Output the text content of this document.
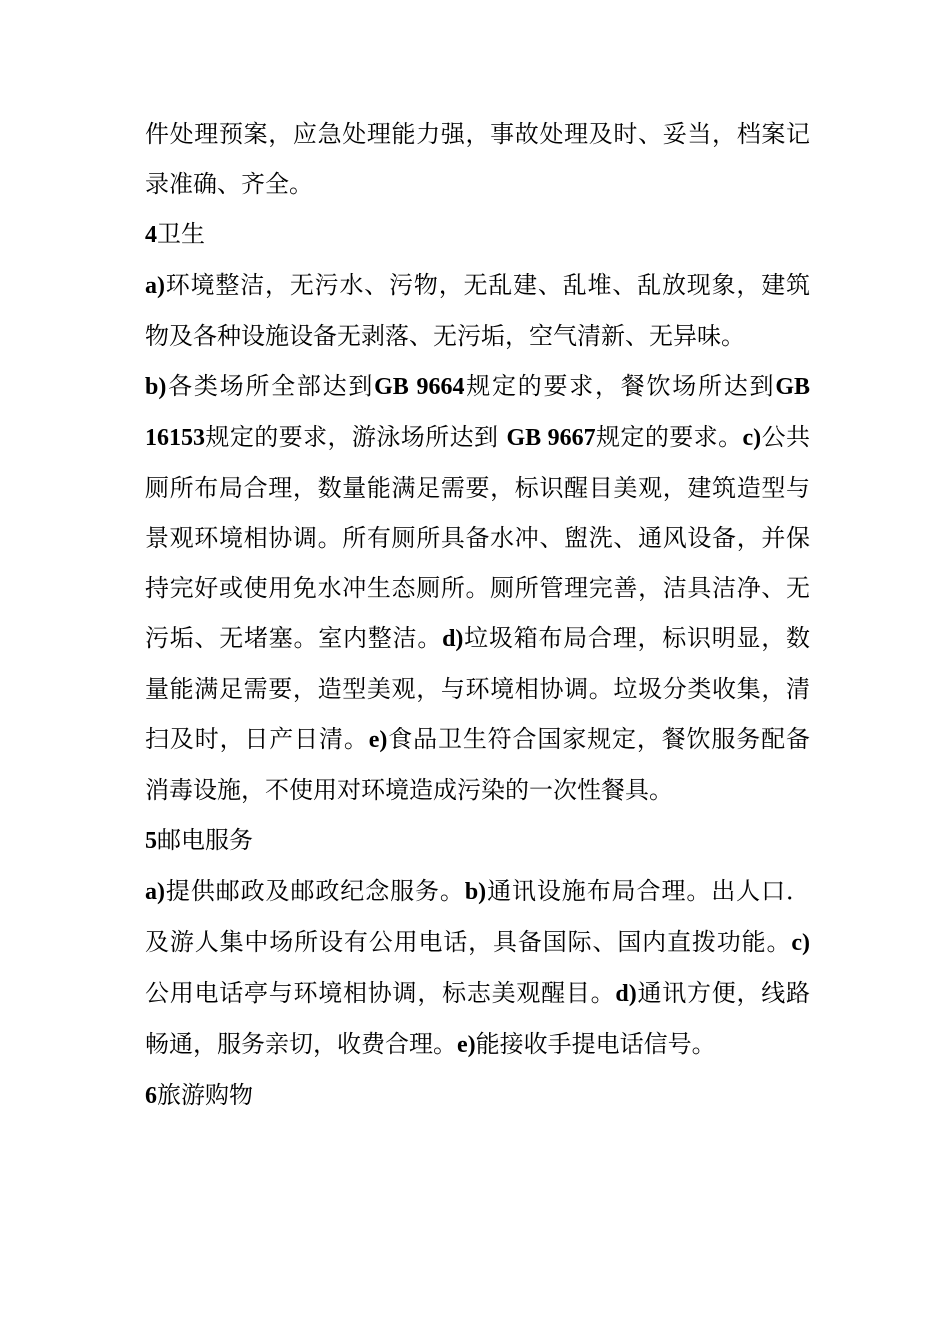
件处理预案，应急处理能力强，事故处理及时、妥当，档案记录准确、齐全。

4卫生

a)环境整洁，无污水、污物，无乱建、乱堆、乱放现象，建筑物及各种设施设备无剥落、无污垢，空气清新、无异味。

b)各类场所全部达到GB 9664规定的要求，餐饮场所达到GB 16153规定的要求，游泳场所达到 GB 9667规定的要求。c)公共厕所布局合理，数量能满足需要，标识醒目美观，建筑造型与景观环境相协调。所有厕所具备水冲、盥洗、通风设备，并保持完好或使用免水冲生态厕所。厕所管理完善，洁具洁净、无污垢、无堵塞。室内整洁。d)垃圾箱布局合理，标识明显，数量能满足需要，造型美观，与环境相协调。垃圾分类收集，清扫及时，日产日清。e)食品卫生符合国家规定，餐饮服务配备消毒设施，不使用对环境造成污染的一次性餐具。

5邮电服务

a)提供邮政及邮政纪念服务。b)通讯设施布局合理。出人口．及游人集中场所设有公用电话，具备国际、国内直拨功能。c)公用电话亭与环境相协调，标志美观醒目。d)通讯方便，线路畅通，服务亲切，收费合理。e)能接收手提电话信号。

6旅游购物
